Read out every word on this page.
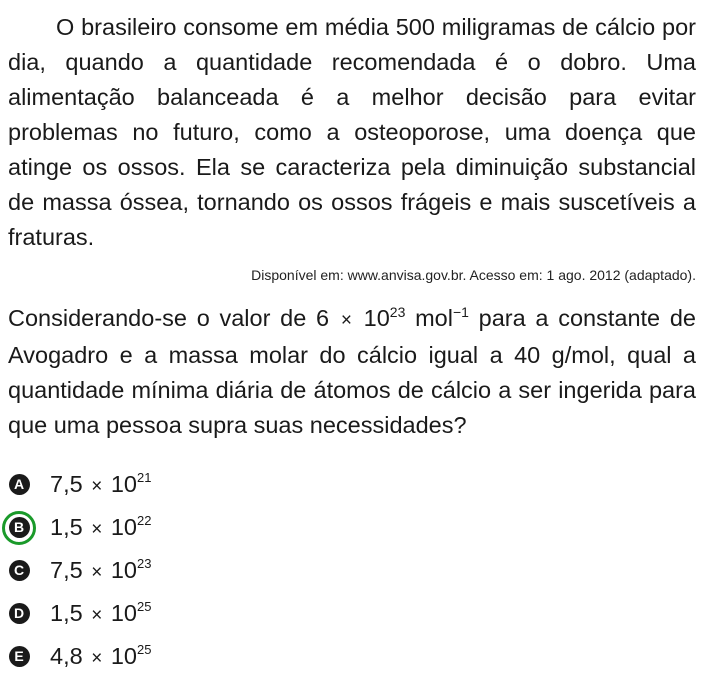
O brasileiro consome em média 500 miligramas de cálcio por dia, quando a quantidade recomendada é o dobro. Uma alimentação balanceada é a melhor decisão para evitar problemas no futuro, como a osteoporose, uma doença que atinge os ossos. Ela se caracteriza pela diminuição substancial de massa óssea, tornando os ossos frágeis e mais suscetíveis a fraturas.

Disponível em: www.anvisa.gov.br. Acesso em: 1 ago. 2012 (adaptado).

Considerando-se o valor de $6 \times 10^{23}$ mol$^{-1}$ para a constante de Avogadro e a massa molar do cálcio igual a 40 g/mol, qual a quantidade mínima diária de átomos de cálcio a ser ingerida para que uma pessoa supra suas necessidades?

A $7,5 \times 10^{21}$
B $1,5 \times 10^{22}$
C $7,5 \times 10^{23}$
D $1,5 \times 10^{25}$
E $4,8 \times 10^{25}$
